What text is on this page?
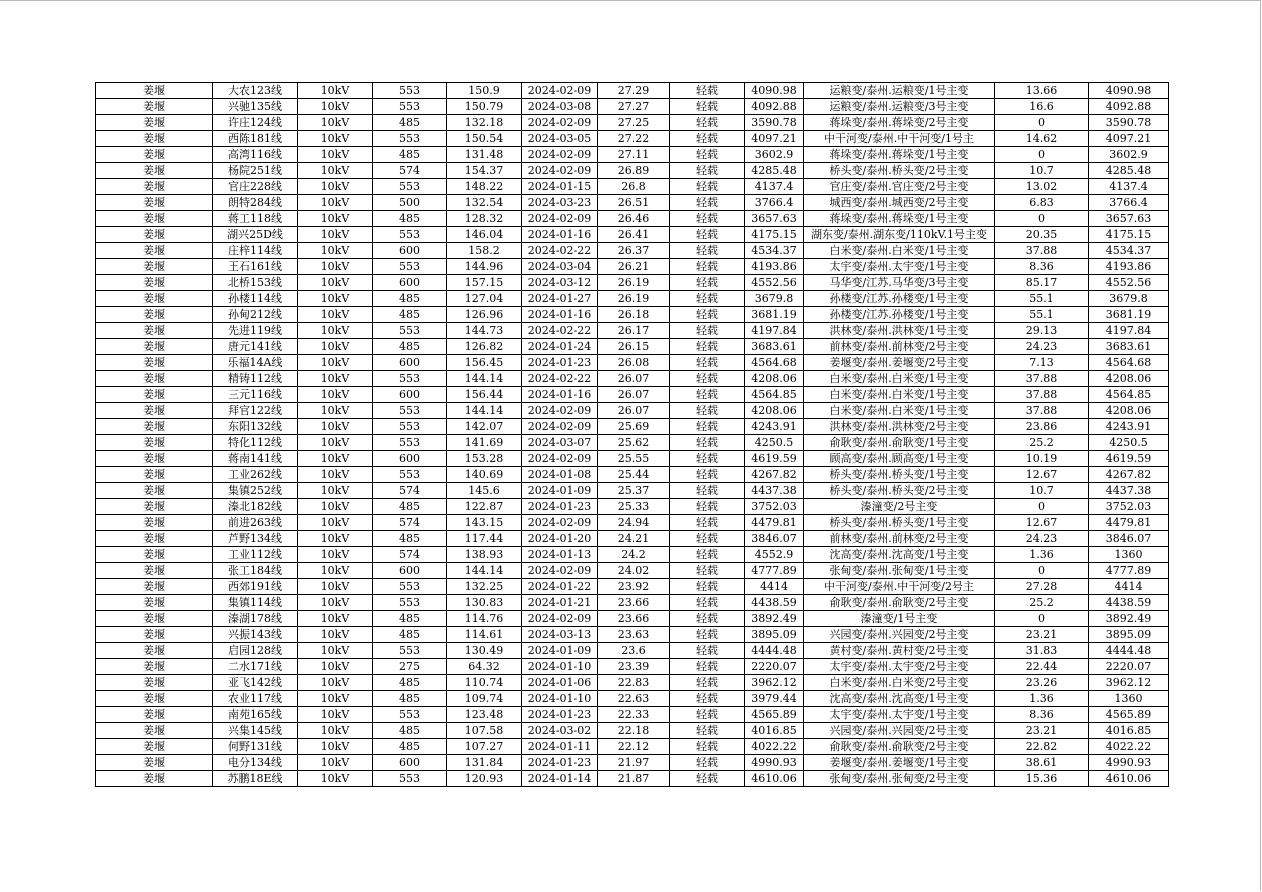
姜堰	大农123线	10kV	553	150.9	2024-02-09	27.29	轻载	4090.98	运粮变/泰州.运粮变/1号主变	13.66	4090.98
姜堰	兴驰135线	10kV	553	150.79	2024-03-08	27.27	轻载	4092.88	运粮变/泰州.运粮变/3号主变	16.6	4092.88
姜堰	许庄124线	10kV	485	132.18	2024-02-09	27.25	轻载	3590.78	蒋垛变/泰州.蒋垛变/2号主变	0	3590.78
姜堰	西陈181线	10kV	553	150.54	2024-03-05	27.22	轻载	4097.21	中干河变/泰州.中干河变/1号主	14.62	4097.21
姜堰	高湾116线	10kV	485	131.48	2024-02-09	27.11	轻载	3602.9	蒋垛变/泰州.蒋垛变/1号主变	0	3602.9
姜堰	杨院251线	10kV	574	154.37	2024-02-09	26.89	轻载	4285.48	桥头变/泰州.桥头变/2号主变	10.7	4285.48
姜堰	官庄228线	10kV	553	148.22	2024-01-15	26.8	轻载	4137.4	官庄变/泰州.官庄变/2号主变	13.02	4137.4
姜堰	朗特284线	10kV	500	132.54	2024-03-23	26.51	轻载	3766.4	城西变/泰州.城西变/2号主变	6.83	3766.4
姜堰	蒋工118线	10kV	485	128.32	2024-02-09	26.46	轻载	3657.63	蒋垛变/泰州.蒋垛变/1号主变	0	3657.63
姜堰	湖兴25D线	10kV	553	146.04	2024-01-16	26.41	轻载	4175.15	湖东变/泰州.湖东变/110kV.1号主变	20.35	4175.15
姜堰	庄梓114线	10kV	600	158.2	2024-02-22	26.37	轻载	4534.37	白米变/泰州.白米变/1号主变	37.88	4534.37
姜堰	王石161线	10kV	553	144.96	2024-03-04	26.21	轻载	4193.86	太宇变/泰州.太宇变/1号主变	8.36	4193.86
姜堰	北桥153线	10kV	600	157.15	2024-03-12	26.19	轻载	4552.56	马华变/江苏.马华变/3号主变	85.17	4552.56
姜堰	孙楼114线	10kV	485	127.04	2024-01-27	26.19	轻载	3679.8	孙楼变/江苏.孙楼变/1号主变	55.1	3679.8
姜堰	孙甸212线	10kV	485	126.96	2024-01-16	26.18	轻载	3681.19	孙楼变/江苏.孙楼变/1号主变	55.1	3681.19
姜堰	先进119线	10kV	553	144.73	2024-02-22	26.17	轻载	4197.84	洪林变/泰州.洪林变/1号主变	29.13	4197.84
姜堰	唐元141线	10kV	485	126.82	2024-01-24	26.15	轻载	3683.61	前林变/泰州.前林变/2号主变	24.23	3683.61
姜堰	乐福14A线	10kV	600	156.45	2024-01-23	26.08	轻载	4564.68	姜堰变/泰州.姜堰变/2号主变	7.13	4564.68
姜堰	精铸112线	10kV	553	144.14	2024-02-22	26.07	轻载	4208.06	白米变/泰州.白米变/1号主变	37.88	4208.06
姜堰	三元116线	10kV	600	156.44	2024-01-16	26.07	轻载	4564.85	白米变/泰州.白米变/1号主变	37.88	4564.85
姜堰	拜官122线	10kV	553	144.14	2024-02-09	26.07	轻载	4208.06	白米变/泰州.白米变/1号主变	37.88	4208.06
姜堰	东阳132线	10kV	553	142.07	2024-02-09	25.69	轻载	4243.91	洪林变/泰州.洪林变/2号主变	23.86	4243.91
姜堰	特化112线	10kV	553	141.69	2024-03-07	25.62	轻载	4250.5	俞耿变/泰州.俞耿变/1号主变	25.2	4250.5
姜堰	蒋南141线	10kV	600	153.28	2024-02-09	25.55	轻载	4619.59	顾高变/泰州.顾高变/1号主变	10.19	4619.59
姜堰	工业262线	10kV	553	140.69	2024-01-08	25.44	轻载	4267.82	桥头变/泰州.桥头变/1号主变	12.67	4267.82
姜堰	集镇252线	10kV	574	145.6	2024-01-09	25.37	轻载	4437.38	桥头变/泰州.桥头变/2号主变	10.7	4437.38
姜堰	溱北182线	10kV	485	122.87	2024-01-23	25.33	轻载	3752.03	溱潼变/2号主变	0	3752.03
姜堰	前进263线	10kV	574	143.15	2024-02-09	24.94	轻载	4479.81	桥头变/泰州.桥头变/1号主变	12.67	4479.81
姜堰	芦野134线	10kV	485	117.44	2024-01-20	24.21	轻载	3846.07	前林变/泰州.前林变/2号主变	24.23	3846.07
姜堰	工业112线	10kV	574	138.93	2024-01-13	24.2	轻载	4552.9	沈高变/泰州.沈高变/1号主变	1.36	1360
姜堰	张工184线	10kV	600	144.14	2024-02-09	24.02	轻载	4777.89	张甸变/泰州.张甸变/1号主变	0	4777.89
姜堰	西郊191线	10kV	553	132.25	2024-01-22	23.92	轻载	4414	中干河变/泰州.中干河变/2号主	27.28	4414
姜堰	集镇114线	10kV	553	130.83	2024-01-21	23.66	轻载	4438.59	俞耿变/泰州.俞耿变/2号主变	25.2	4438.59
姜堰	溱湖178线	10kV	485	114.76	2024-02-09	23.66	轻载	3892.49	溱潼变/1号主变	0	3892.49
姜堰	兴振143线	10kV	485	114.61	2024-03-13	23.63	轻载	3895.09	兴园变/泰州.兴园变/2号主变	23.21	3895.09
姜堰	启园128线	10kV	553	130.49	2024-01-09	23.6	轻载	4444.48	黄村变/泰州.黄村变/2号主变	31.83	4444.48
姜堰	二水171线	10kV	275	64.32	2024-01-10	23.39	轻载	2220.07	太宇变/泰州.太宇变/2号主变	22.44	2220.07
姜堰	亚飞142线	10kV	485	110.74	2024-01-06	22.83	轻载	3962.12	白米变/泰州.白米变/2号主变	23.26	3962.12
姜堰	农业117线	10kV	485	109.74	2024-01-10	22.63	轻载	3979.44	沈高变/泰州.沈高变/1号主变	1.36	1360
姜堰	南苑165线	10kV	553	123.48	2024-01-23	22.33	轻载	4565.89	太宇变/泰州.太宇变/1号主变	8.36	4565.89
姜堰	兴集145线	10kV	485	107.58	2024-03-02	22.18	轻载	4016.85	兴园变/泰州.兴园变/2号主变	23.21	4016.85
姜堰	何野131线	10kV	485	107.27	2024-01-11	22.12	轻载	4022.22	俞耿变/泰州.俞耿变/2号主变	22.82	4022.22
姜堰	电分134线	10kV	600	131.84	2024-01-23	21.97	轻载	4990.93	姜堰变/泰州.姜堰变/1号主变	38.61	4990.93
姜堰	苏鹏18E线	10kV	553	120.93	2024-01-14	21.87	轻载	4610.06	张甸变/泰州.张甸变/2号主变	15.36	4610.06
